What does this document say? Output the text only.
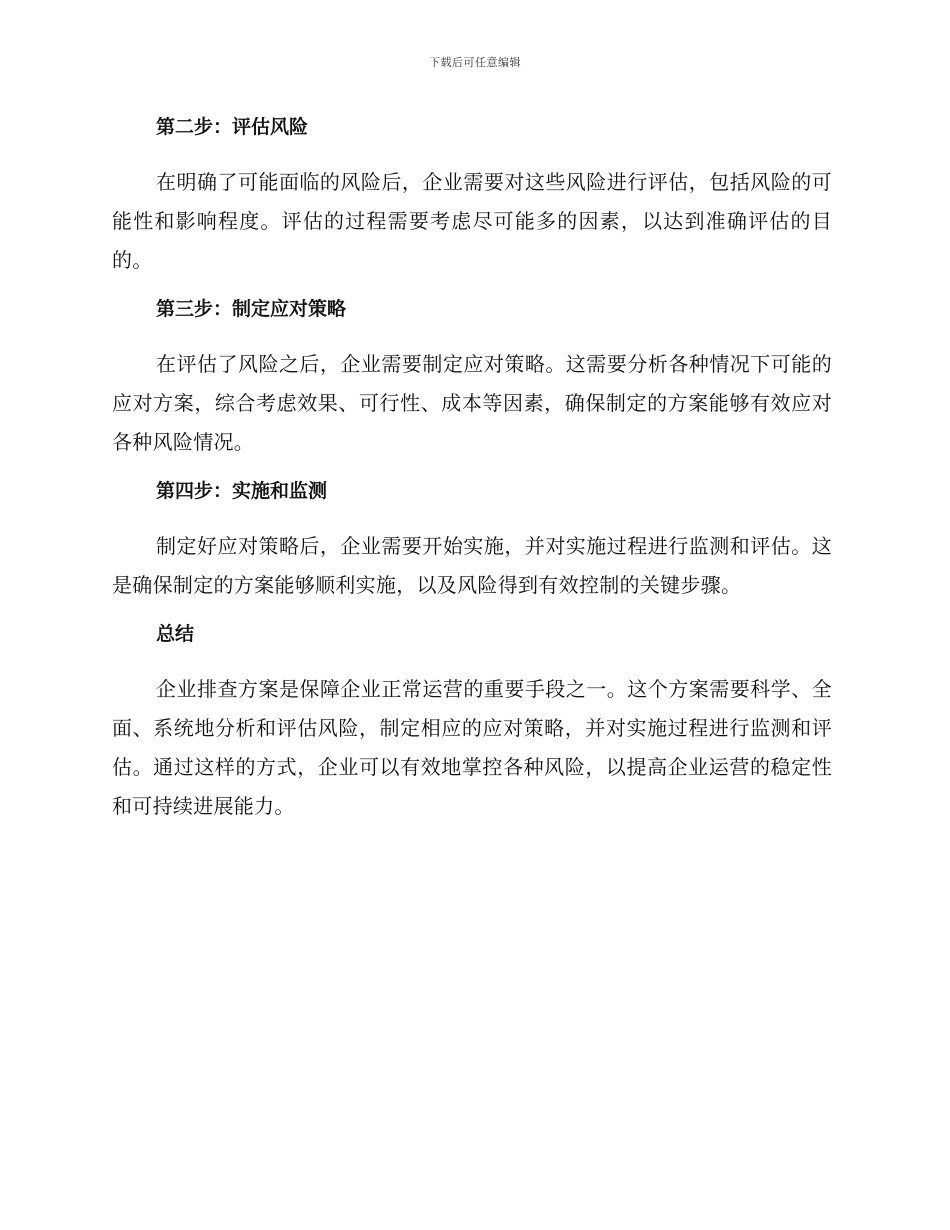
下载后可任意编辑
第二步：评估风险

在明确了可能面临的风险后，企业需要对这些风险进行评估，包括风险的可能性和影响程度。评估的过程需要考虑尽可能多的因素，以达到准确评估的目的。

第三步：制定应对策略

在评估了风险之后，企业需要制定应对策略。这需要分析各种情况下可能的应对方案，综合考虑效果、可行性、成本等因素，确保制定的方案能够有效应对各种风险情况。

第四步：实施和监测

制定好应对策略后，企业需要开始实施，并对实施过程进行监测和评估。这是确保制定的方案能够顺利实施，以及风险得到有效控制的关键步骤。

总结

企业排查方案是保障企业正常运营的重要手段之一。这个方案需要科学、全面、系统地分析和评估风险，制定相应的应对策略，并对实施过程进行监测和评估。通过这样的方式，企业可以有效地掌控各种风险，以提高企业运营的稳定性和可持续进展能力。
